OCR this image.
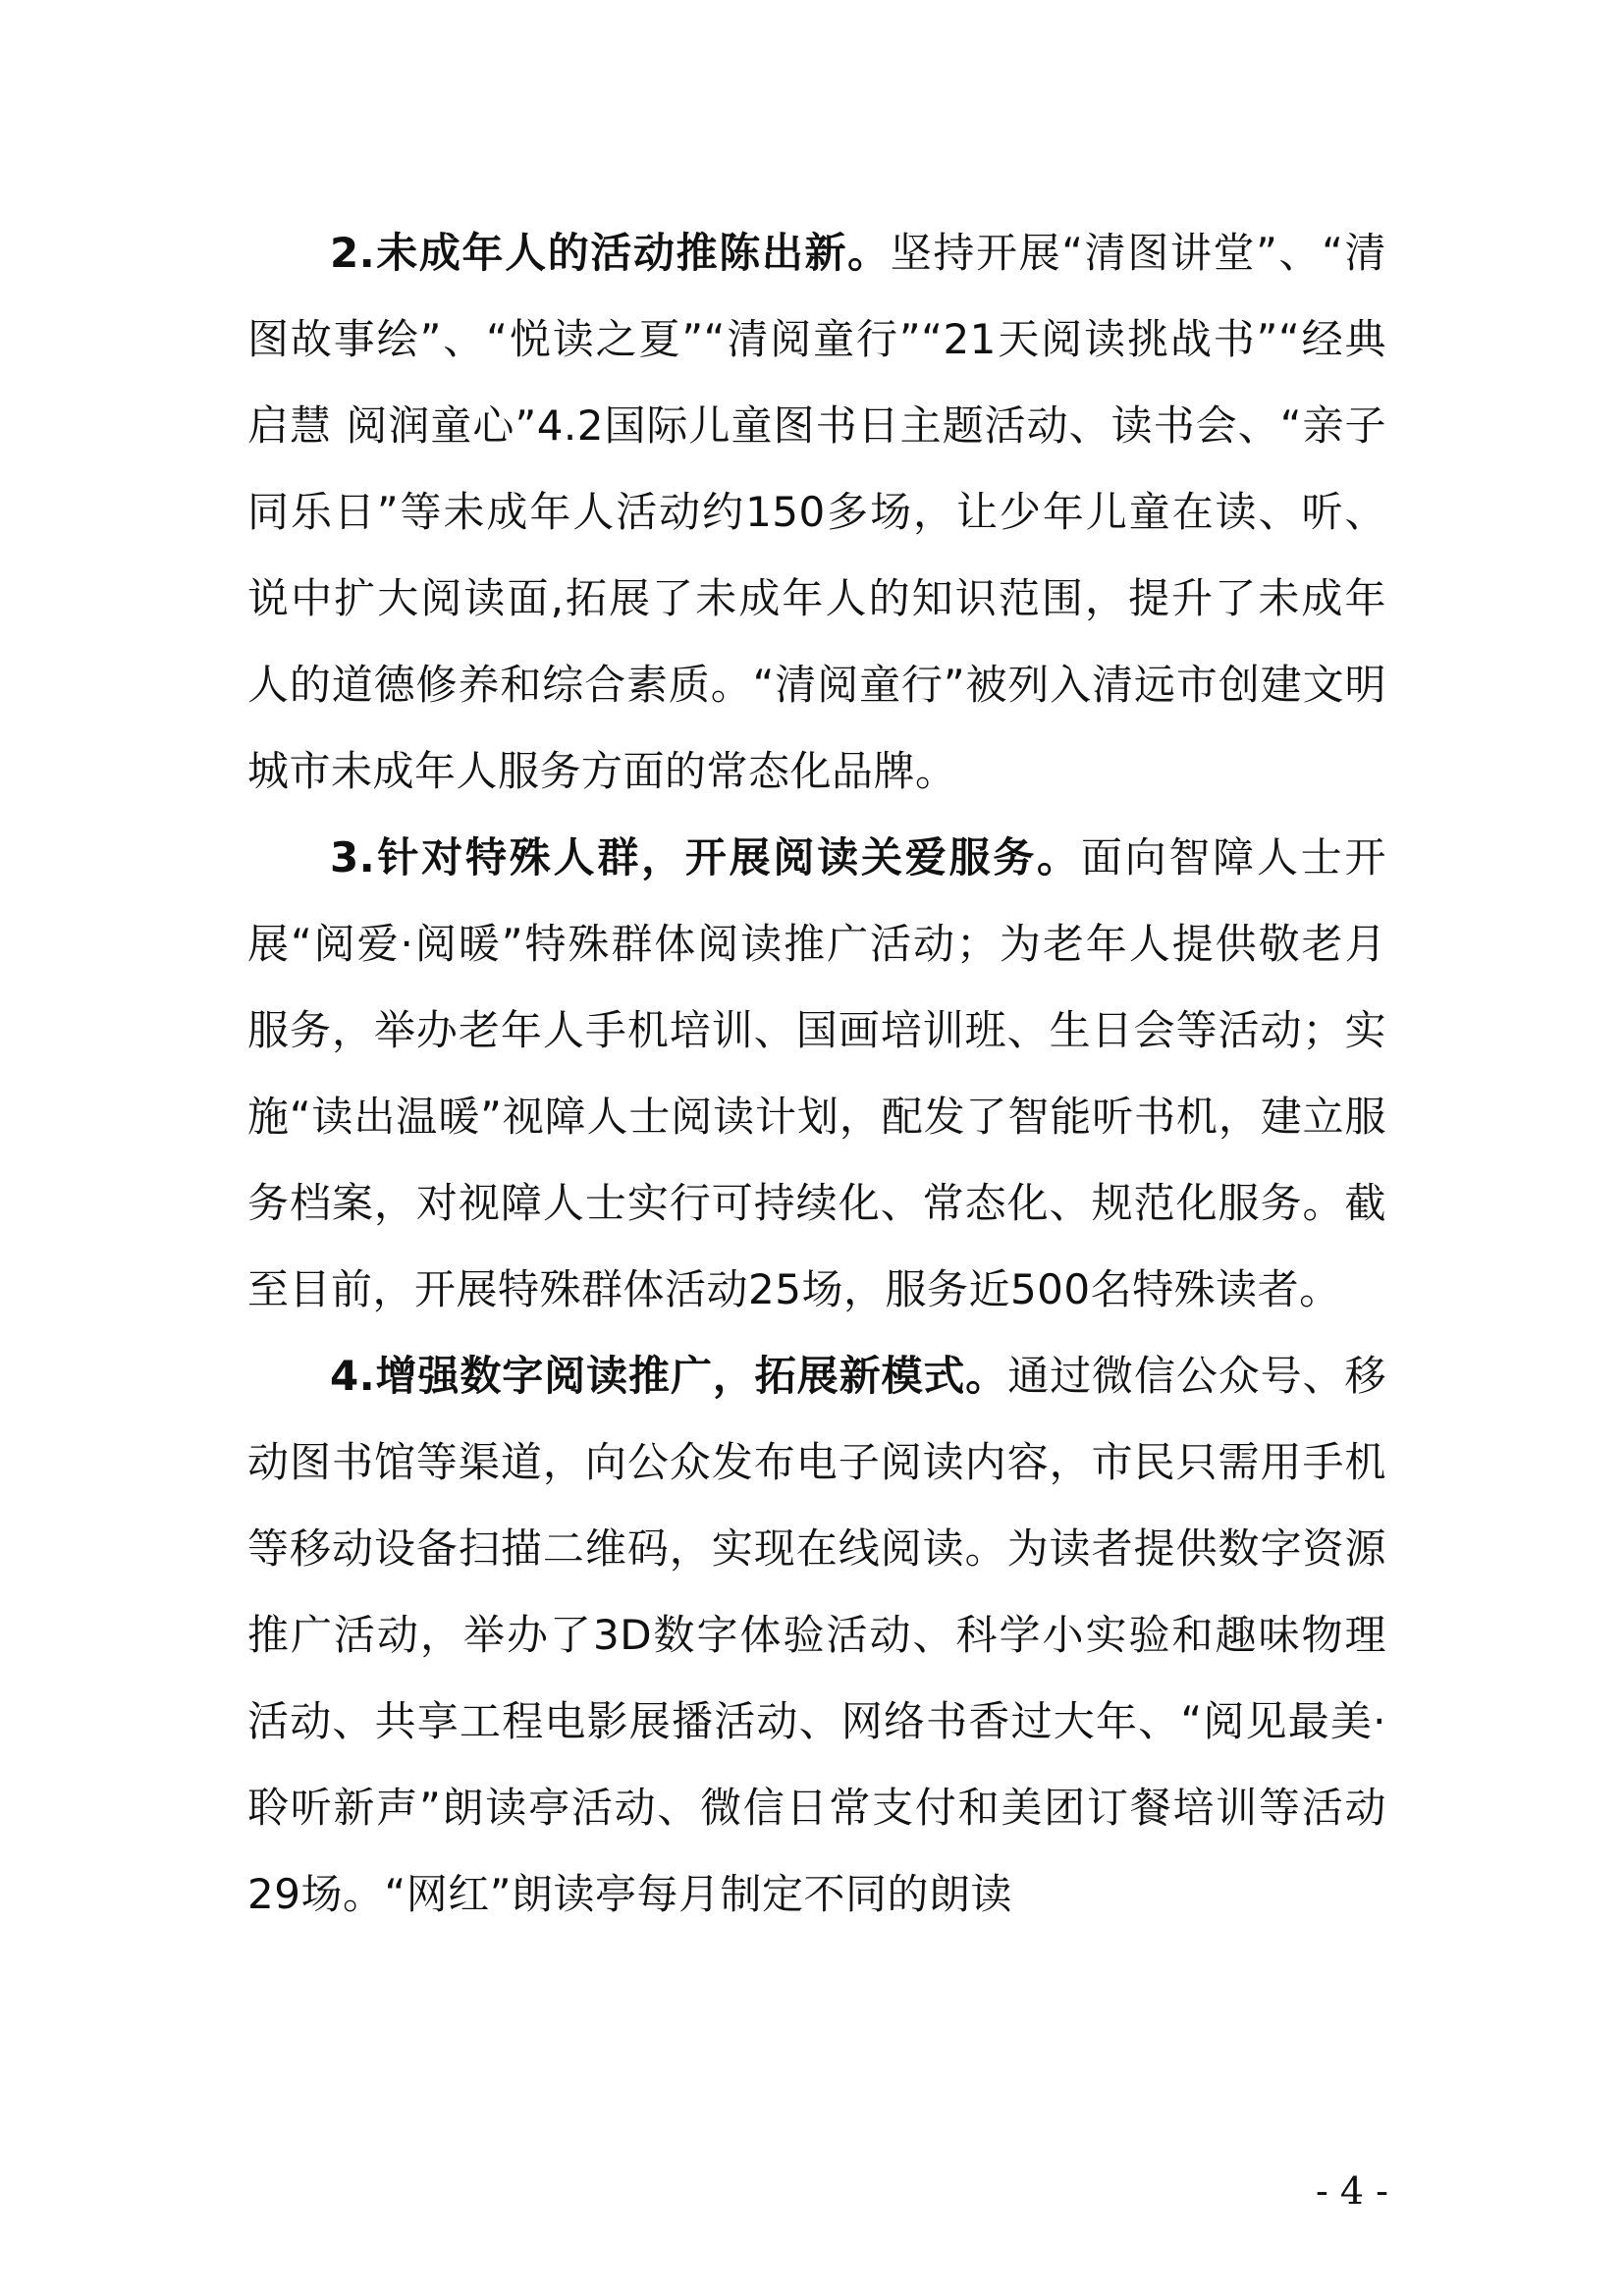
2.未成年人的活动推陈出新。坚持开展“清图讲堂”、“清图故事绘”、“悦读之夏”“清阅童行”“21天阅读挑战书”“经典启慧 阅润童心”4.2国际儿童图书日主题活动、读书会、“亲子同乐日”等未成年人活动约150多场，让少年儿童在读、听、说中扩大阅读面,拓展了未成年人的知识范围，提升了未成年人的道德修养和综合素质。“清阅童行”被列入清远市创建文明城市未成年人服务方面的常态化品牌。

3.针对特殊人群，开展阅读关爱服务。面向智障人士开展“阅爱·阅暖”特殊群体阅读推广活动；为老年人提供敬老月服务，举办老年人手机培训、国画培训班、生日会等活动；实施“读出温暖”视障人士阅读计划，配发了智能听书机，建立服务档案，对视障人士实行可持续化、常态化、规范化服务。截至目前，开展特殊群体活动25场，服务近500名特殊读者。

4.增强数字阅读推广，拓展新模式。通过微信公众号、移动图书馆等渠道，向公众发布电子阅读内容，市民只需用手机等移动设备扫描二维码，实现在线阅读。为读者提供数字资源推广活动，举办了3D数字体验活动、科学小实验和趣味物理活动、共享工程电影展播活动、网络书香过大年、“阅见最美·聆听新声”朗读亭活动、微信日常支付和美团订餐培训等活动29场。“网红”朗读亭每月制定不同的朗读

- 4 -
